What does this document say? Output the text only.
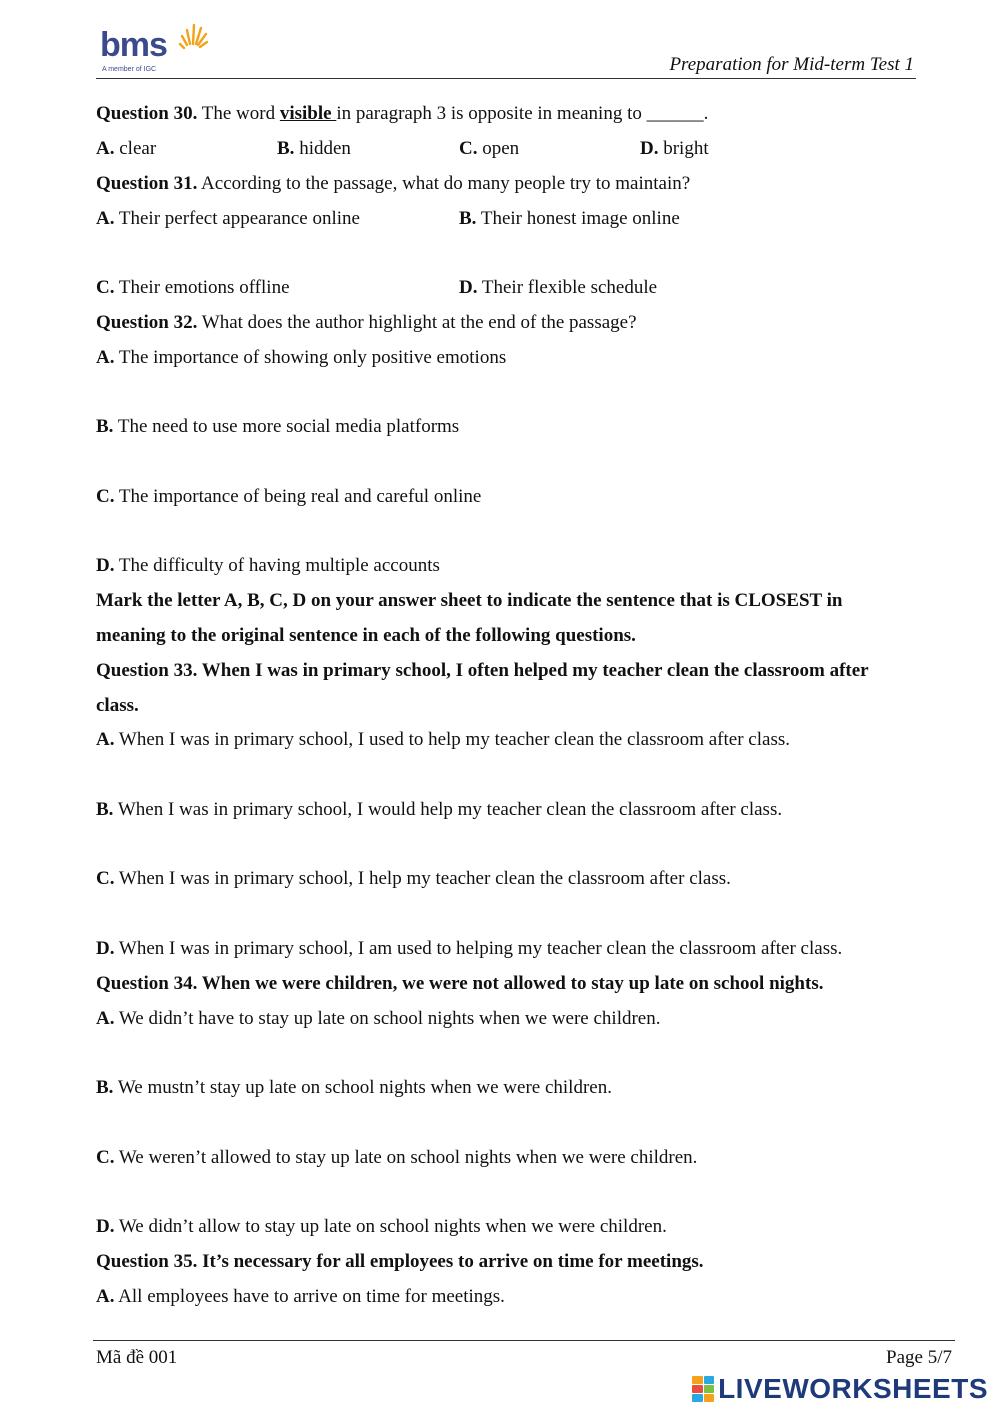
bms
A member of IGC	Preparation for Mid-term Test 1
Question 30. The word visible in paragraph 3 is opposite in meaning to ______.
A. clear	B. hidden	C. open	D. bright
Question 31. According to the passage, what do many people try to maintain?
A. Their perfect appearance online	B. Their honest image online
C. Their emotions offline	D. Their flexible schedule
Question 32. What does the author highlight at the end of the passage?
A. The importance of showing only positive emotions
B. The need to use more social media platforms
C. The importance of being real and careful online
D. The difficulty of having multiple accounts
Mark the letter A, B, C, D on your answer sheet to indicate the sentence that is CLOSEST in
meaning to the original sentence in each of the following questions.
Question 33. When I was in primary school, I often helped my teacher clean the classroom after
class.
A. When I was in primary school, I used to help my teacher clean the classroom after class.
B. When I was in primary school, I would help my teacher clean the classroom after class.
C. When I was in primary school, I help my teacher clean the classroom after class.
D. When I was in primary school, I am used to helping my teacher clean the classroom after class.
Question 34. When we were children, we were not allowed to stay up late on school nights.
A. We didn’t have to stay up late on school nights when we were children.
B. We mustn’t stay up late on school nights when we were children.
C. We weren’t allowed to stay up late on school nights when we were children.
D. We didn’t allow to stay up late on school nights when we were children.
Question 35. It’s necessary for all employees to arrive on time for meetings.
A. All employees have to arrive on time for meetings.
Mã đề 001	Page 5/7
LIVEWORKSHEETS
